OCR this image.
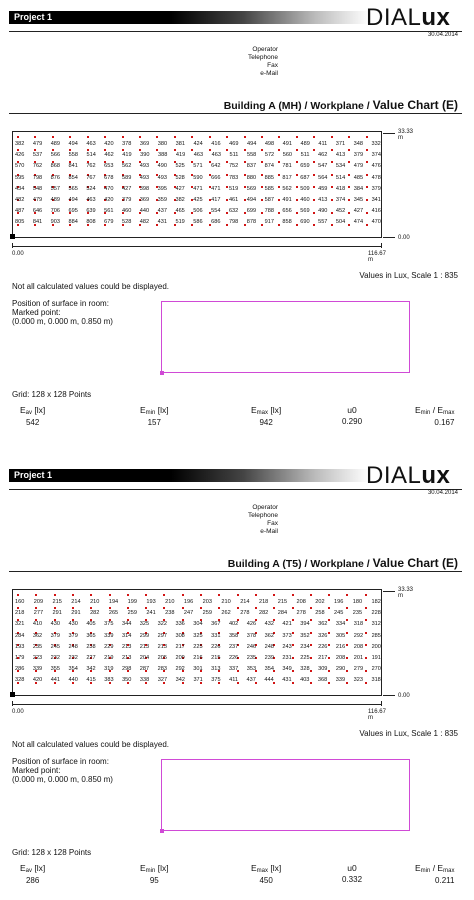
Project 1	DIALux
30.04.2014
Operator
Telephone
Fax
e-Mail
Building A (MH) / Workplane / Value Chart (E)
382 479 489 494 463 420 378 369 380 381 424 416 469 494 498 491 489 411 371 348 332
426 537 566 558 514 462 419 390 388 419 463 463 511 558 572 560 511 462 413 379 374
570 762 868 841 762 653 562 493 490 525 571 642 752 837 874 781 659 547 534 479 476
595 798 876 854 767 678 589 493 493 528 590 666 783 880 885 817 687 564 514 485 478
434 548 557 565 524 470 427 398 395 427 471 471 519 569 585 562 509 459 418 384 379
482 479 489 494 463 420 379 369 359 382 425 417 461 494 587 491 460 413 374 345 341
487 646 706 695 639 561 460 440 437 465 506 554 632 699 788 656 569 490 452 427 416
805 841 903 884 808 679 528 482 431 519 586 686 798 878 917 858 690 557 504 474 470
33.33 m
0.00
0.00	116.67 m
Values in Lux, Scale 1 : 835
Not all calculated values could be displayed.
Position of surface in room:
Marked point:
(0.000 m, 0.000 m, 0.850 m)
Grid: 128 x 128 Points
$E_{av}$ [lx]
542
$E_{min}$ [lx]
157
$E_{max}$ [lx]
942
u0
0.290
$E_{min} / E_{max}$
0.167
Project 1	DIALux
30.04.2014
Operator
Telephone
Fax
e-Mail
Building A (T5) / Workplane / Value Chart (E)
160 209 215 214 210 194 199 193 210 196 203 210 214 218 215 208 202 196 180 182
218 277 291 291 282 265 259 241 238 247 259 262 278 282 284 278 258 245 235 228
321 410 430 430 405 375 344 325 322 336 304 367 402 426 432 421 394 362 334 318 312
284 362 379 379 365 339 314 299 297 308 325 331 358 378 362 373 352 326 305 292 285
193 235 245 248 238 229 213 213 213 217 225 226 237 246 248 243 234 226 216 208 200
179 223 232 232 227 219 213 204 205 209 216 215 226 235 239 231 225 217 208 201 191
286 339 355 354 342 319 298 287 283 292 301 313 337 353 354 349 328 309 290 279 270
328 420 441 440 415 383 350 338 327 342 371 375 411 437 444 431 403 368 339 323 318
33.33 m
0.00
0.00	116.67 m
Values in Lux, Scale 1 : 835
Not all calculated values could be displayed.
Position of surface in room:
Marked point:
(0.000 m, 0.000 m, 0.850 m)
Grid: 128 x 128 Points
$E_{av}$ [lx]
286
$E_{min}$ [lx]
95
$E_{max}$ [lx]
450
u0
0.332
$E_{min} / E_{max}$
0.211
